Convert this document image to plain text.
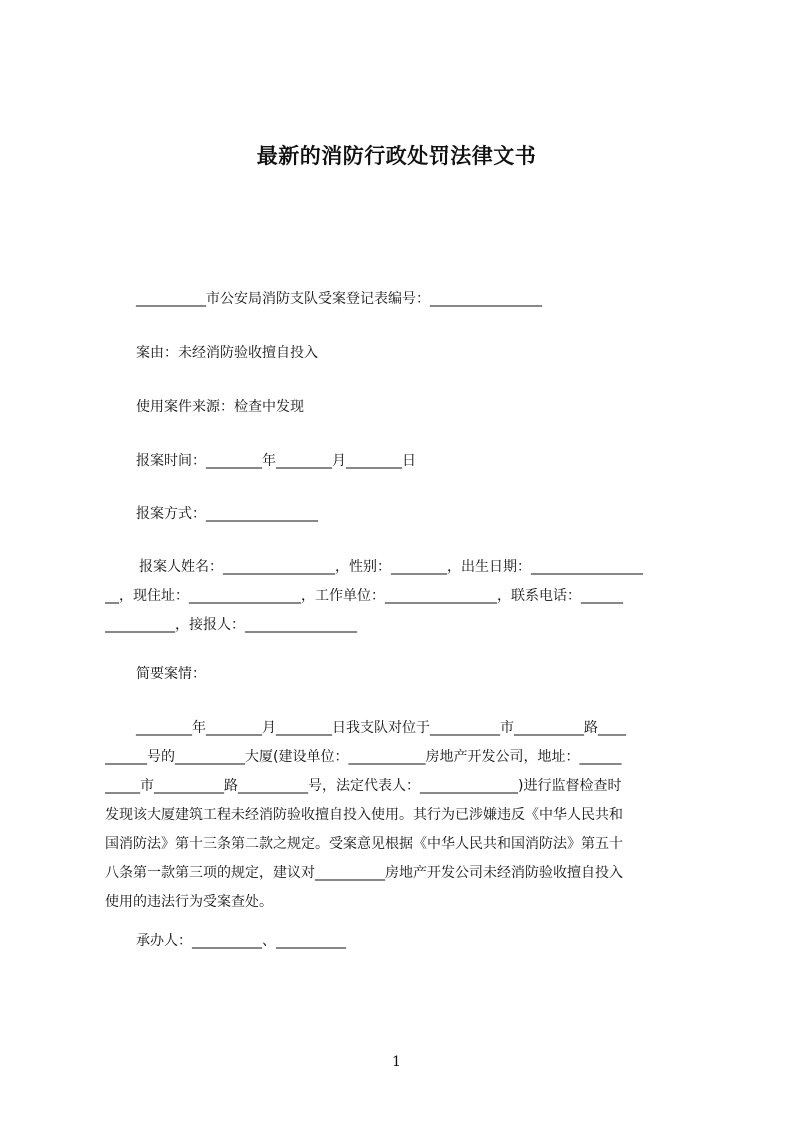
最新的消防行政处罚法律文书
__________市公安局消防支队受案登记表编号：________________
案由：未经消防验收擅自投入
使用案件来源：检查中发现
报案时间：________年________月________日
报案方式：________________
报案人姓名：________________，性别：________，出生日期：________________
__，现住址：________________，工作单位：________________，联系电话：______
__________，接报人：________________
简要案情：
________年________月________日我支队对位于__________市__________路____
______号的__________大厦(建设单位：___________房地产开发公司，地址：______
_____市__________路__________号，法定代表人：______________)进行监督检查时
发现该大厦建筑工程未经消防验收擅自投入使用。其行为已涉嫌违反《中华人民共和
国消防法》第十三条第二款之规定。受案意见根据《中华人民共和国消防法》第五十
八条第一款第三项的规定，建议对__________房地产开发公司未经消防验收擅自投入
使用的违法行为受案查处。
承办人：__________、__________
1
